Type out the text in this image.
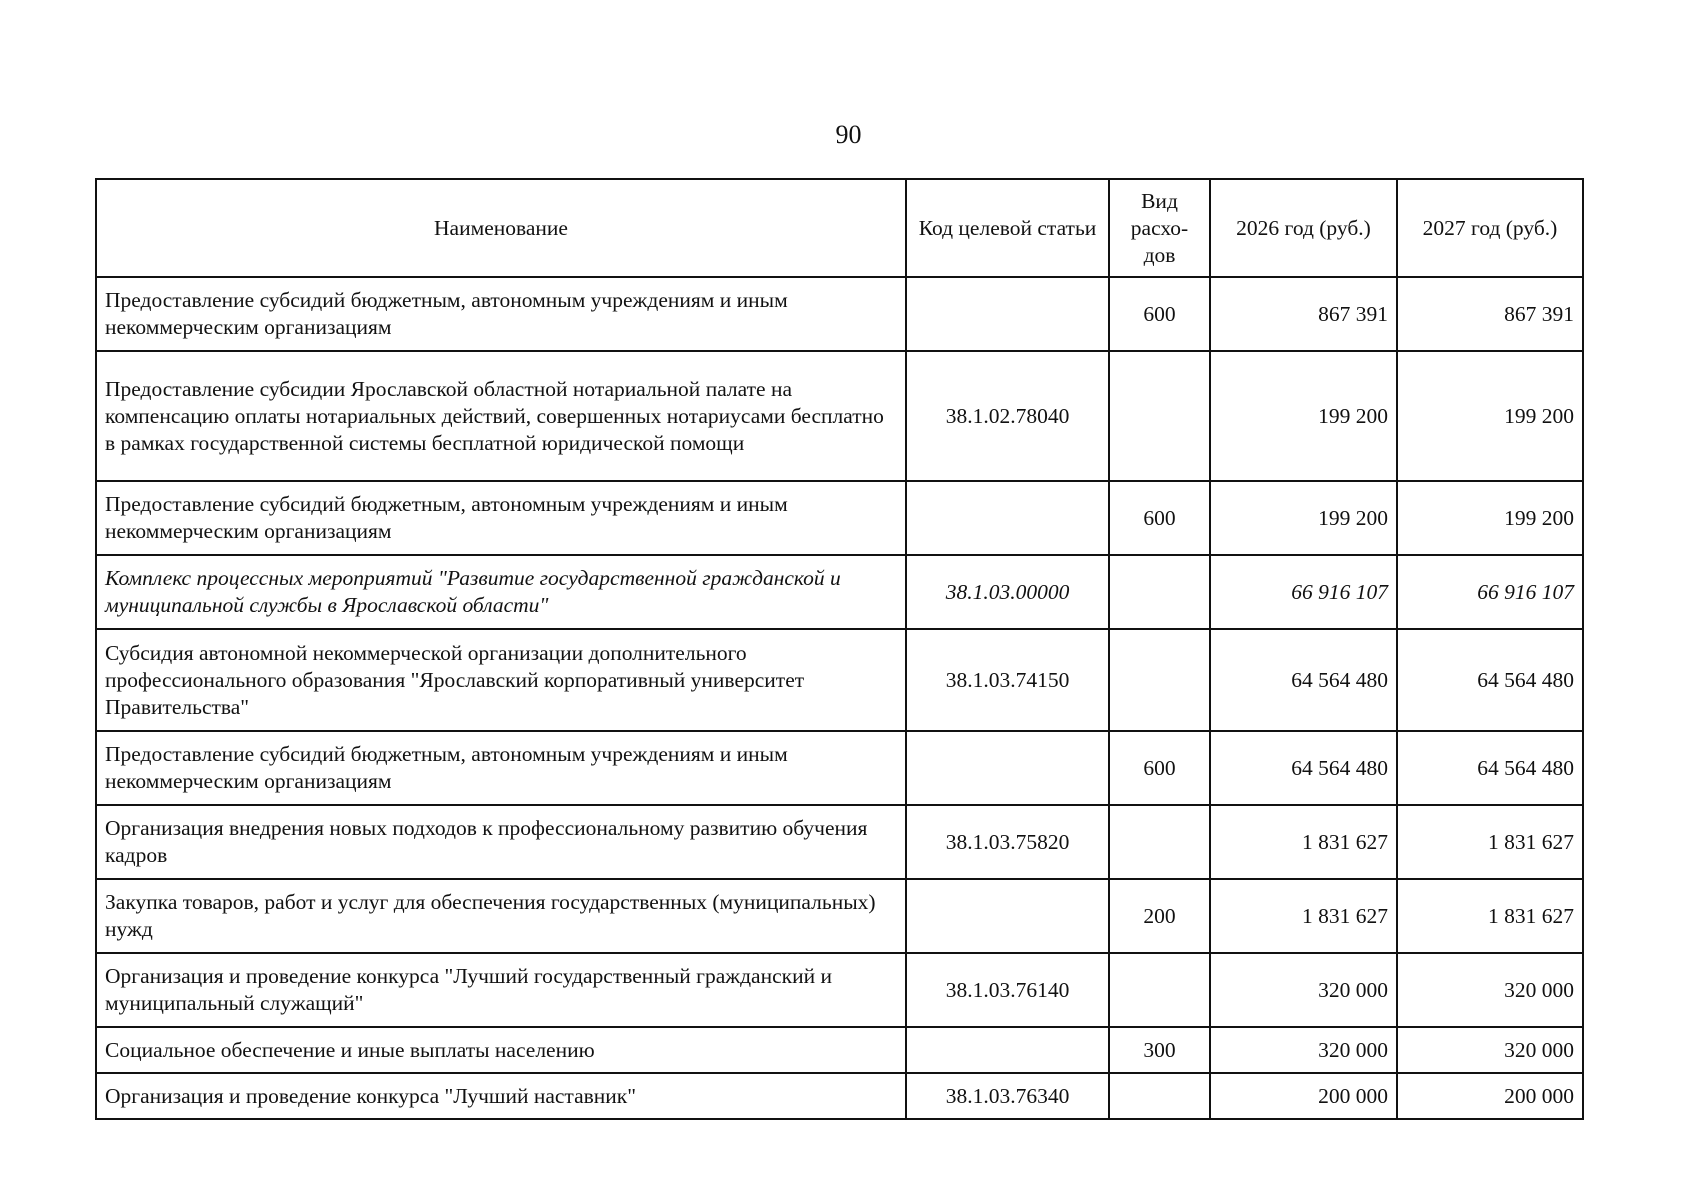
90
Наименование	Код целевой статьи	Вид расхо-дов	2026 год (руб.)	2027 год (руб.)
Предоставление субсидий бюджетным, автономным учреждениям и иным некоммерческим организациям		600	867 391	867 391
Предоставление субсидии Ярославской областной нотариальной палате на компенсацию оплаты нотариальных действий, совершенных нотариусами бесплатно в рамках государственной системы бесплатной юридической помощи	38.1.02.78040		199 200	199 200
Предоставление субсидий бюджетным, автономным учреждениям и иным некоммерческим организациям		600	199 200	199 200
Комплекс процессных мероприятий "Развитие государственной гражданской и муниципальной службы в Ярославской области"	38.1.03.00000		66 916 107	66 916 107
Субсидия автономной некоммерческой организации дополнительного профессионального образования "Ярославский корпоративный университет Правительства"	38.1.03.74150		64 564 480	64 564 480
Предоставление субсидий бюджетным, автономным учреждениям и иным некоммерческим организациям		600	64 564 480	64 564 480
Организация внедрения новых подходов к профессиональному развитию обучения кадров	38.1.03.75820		1 831 627	1 831 627
Закупка товаров, работ и услуг для обеспечения государственных (муниципальных) нужд		200	1 831 627	1 831 627
Организация и проведение конкурса "Лучший государственный гражданский и муниципальный служащий"	38.1.03.76140		320 000	320 000
Социальное обеспечение и иные выплаты населению		300	320 000	320 000
Организация и проведение конкурса "Лучший наставник"	38.1.03.76340		200 000	200 000
